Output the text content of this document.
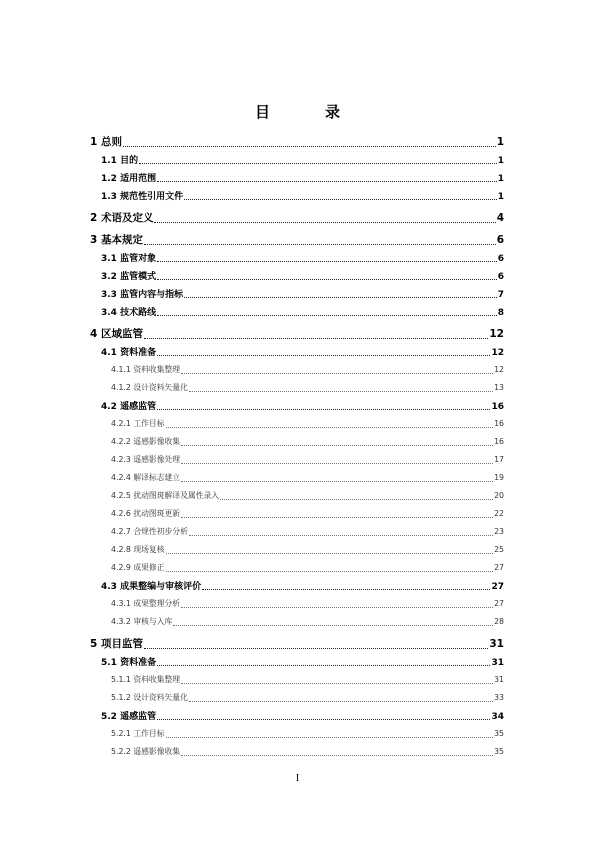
目　录
1 总则	1
1.1 目的	1
1.2 适用范围	1
1.3 规范性引用文件	1
2 术语及定义	4
3 基本规定	6
3.1 监管对象	6
3.2 监管模式	6
3.3 监管内容与指标	7
3.4 技术路线	8
4 区域监管	12
4.1 资料准备	12
4.1.1 资料收集整理	12
4.1.2 设计资料矢量化	13
4.2 遥感监管	16
4.2.1 工作目标	16
4.2.2 遥感影像收集	16
4.2.3 遥感影像处理	17
4.2.4 解译标志建立	19
4.2.5 扰动图斑解译及属性录入	20
4.2.6 扰动图斑更新	22
4.2.7 合规性初步分析	23
4.2.8 现场复核	25
4.2.9 成果修正	27
4.3 成果整编与审核评价	27
4.3.1 成果整理分析	27
4.3.2 审核与入库	28
5 项目监管	31
5.1 资料准备	31
5.1.1 资料收集整理	31
5.1.2 设计资料矢量化	33
5.2 遥感监管	34
5.2.1 工作目标	35
5.2.2 遥感影像收集	35
I
